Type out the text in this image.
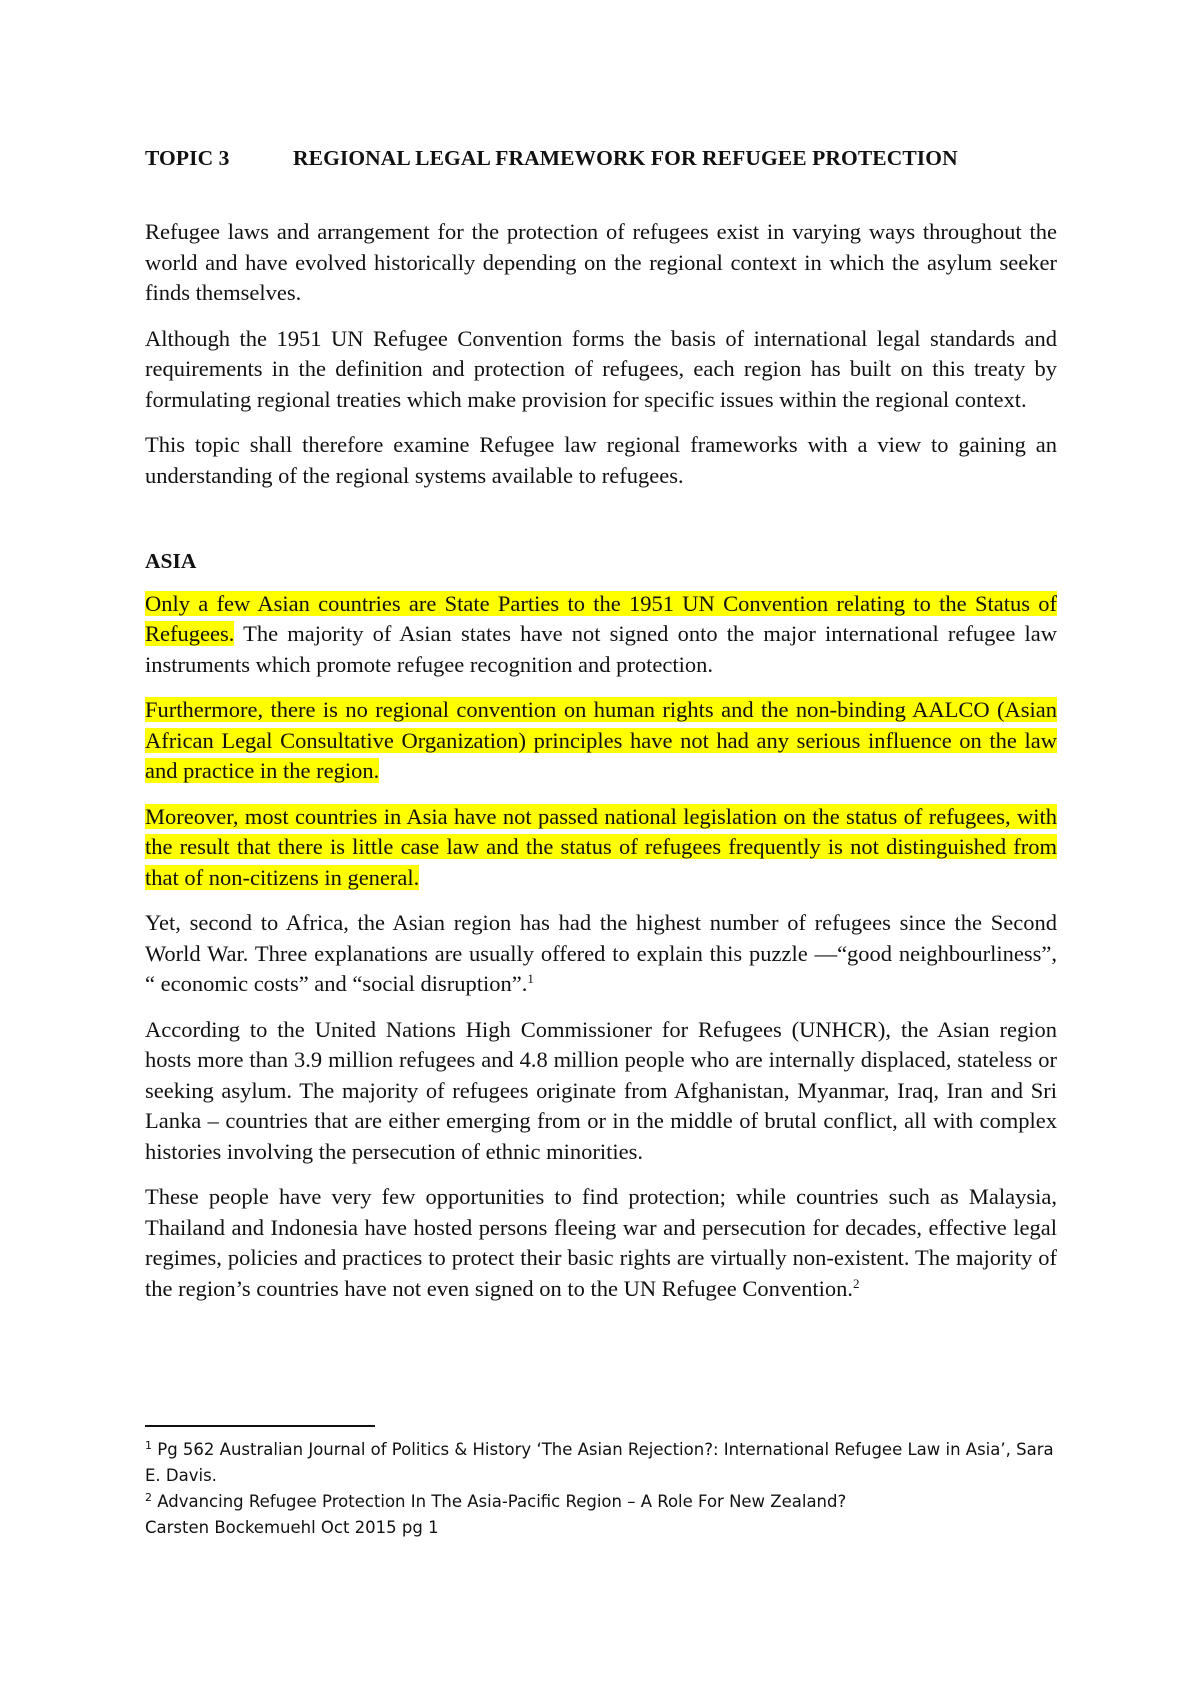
TOPIC 3	REGIONAL LEGAL FRAMEWORK FOR REFUGEE PROTECTION

Refugee laws and arrangement for the protection of refugees exist in varying ways throughout the world and have evolved historically depending on the regional context in which the asylum seeker finds themselves.

Although the 1951 UN Refugee Convention forms the basis of international legal standards and requirements in the definition and protection of refugees, each region has built on this treaty by formulating regional treaties which make provision for specific issues within the regional context.

This topic shall therefore examine Refugee law regional frameworks with a view to gaining an understanding of the regional systems available to refugees.

ASIA

Only a few Asian countries are State Parties to the 1951 UN Convention relating to the Status of Refugees. The majority of Asian states have not signed onto the major international refugee law instruments which promote refugee recognition and protection.

Furthermore, there is no regional convention on human rights and the non-binding AALCO (Asian African Legal Consultative Organization) principles have not had any serious influence on the law and practice in the region.

Moreover, most countries in Asia have not passed national legislation on the status of refugees, with the result that there is little case law and the status of refugees frequently is not distinguished from that of non-citizens in general.

Yet, second to Africa, the Asian region has had the highest number of refugees since the Second World War. Three explanations are usually offered to explain this puzzle —“good neighbourliness”, “ economic costs” and “social disruption”.$^1$

According to the United Nations High Commissioner for Refugees (UNHCR), the Asian region hosts more than 3.9 million refugees and 4.8 million people who are internally displaced, stateless or seeking asylum. The majority of refugees originate from Afghanistan, Myanmar, Iraq, Iran and Sri Lanka – countries that are either emerging from or in the middle of brutal conflict, all with complex histories involving the persecution of ethnic minorities.

These people have very few opportunities to find protection; while countries such as Malaysia, Thailand and Indonesia have hosted persons fleeing war and persecution for decades, effective legal regimes, policies and practices to protect their basic rights are virtually non-existent. The majority of the region’s countries have not even signed on to the UN Refugee Convention.$^2$

$^1$ Pg 562 Australian Journal of Politics & History ‘The Asian Rejection?: International Refugee Law in Asia’, Sara E. Davis.

$^2$ Advancing Refugee Protection In The Asia-Pacific Region – A Role For New Zealand?
Carsten Bockemuehl Oct 2015 pg 1
